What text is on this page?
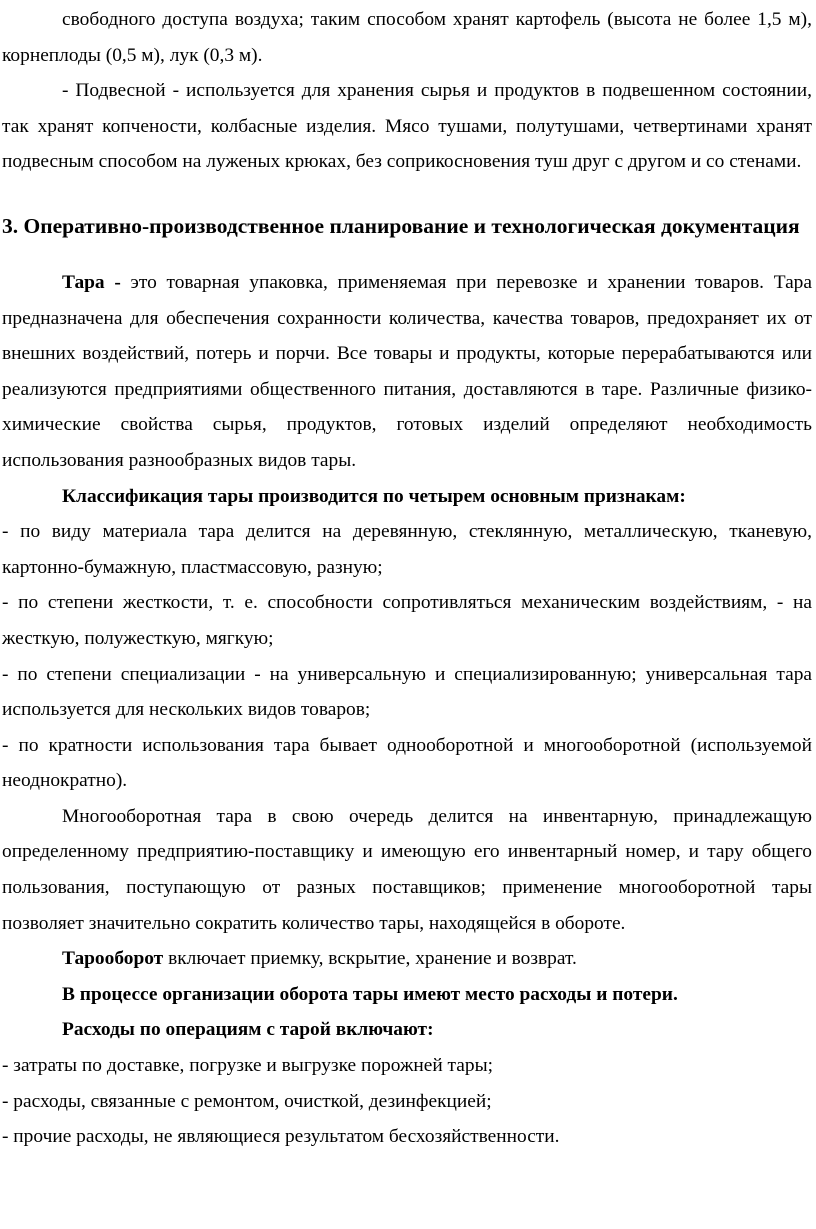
свободного доступа воздуха; таким способом хранят картофель (высота не более 1,5 м), корнеплоды (0,5 м), лук (0,3 м).

- Подвесной - используется для хранения сырья и продуктов в подвешенном состоянии, так хранят копчености, колбасные изделия. Мясо тушами, полутушами, четвертинами хранят подвесным способом на луженых крюках, без соприкосновения туш друг с другом и со стенами.

3. Оперативно-производственное планирование и технологическая документация

Тара - это товарная упаковка, применяемая при перевозке и хранении товаров. Тара предназначена для обеспечения сохранности количества, качества товаров, предохраняет их от внешних воздействий, потерь и порчи. Все товары и продукты, которые перерабатываются или реализуются предприятиями общественного питания, доставляются в таре. Различные физико-химические свойства сырья, продуктов, готовых изделий определяют необходимость использования разнообразных видов тары.

Классификация тары производится по четырем основным признакам:

- по виду материала тара делится на деревянную, стеклянную, металлическую, тканевую, картонно-бумажную, пластмассовую, разную;

- по степени жесткости, т. е. способности сопротивляться механическим воздействиям, - на жесткую, полужесткую, мягкую;

- по степени специализации - на универсальную и специализированную; универсальная тара используется для нескольких видов товаров;

- по кратности использования тара бывает однооборотной и многооборотной (используемой неоднократно).

Многооборотная тара в свою очередь делится на инвентарную, принадлежащую определенному предприятию-поставщику и имеющую его инвентарный номер, и тару общего пользования, поступающую от разных поставщиков; применение многооборотной тары позволяет значительно сократить количество тары, находящейся в обороте.

Тарооборот включает приемку, вскрытие, хранение и возврат.

В процессе организации оборота тары имеют место расходы и потери.

Расходы по операциям с тарой включают:

- затраты по доставке, погрузке и выгрузке порожней тары;

- расходы, связанные с ремонтом, очисткой, дезинфекцией;

- прочие расходы, не являющиеся результатом бесхозяйственности.
